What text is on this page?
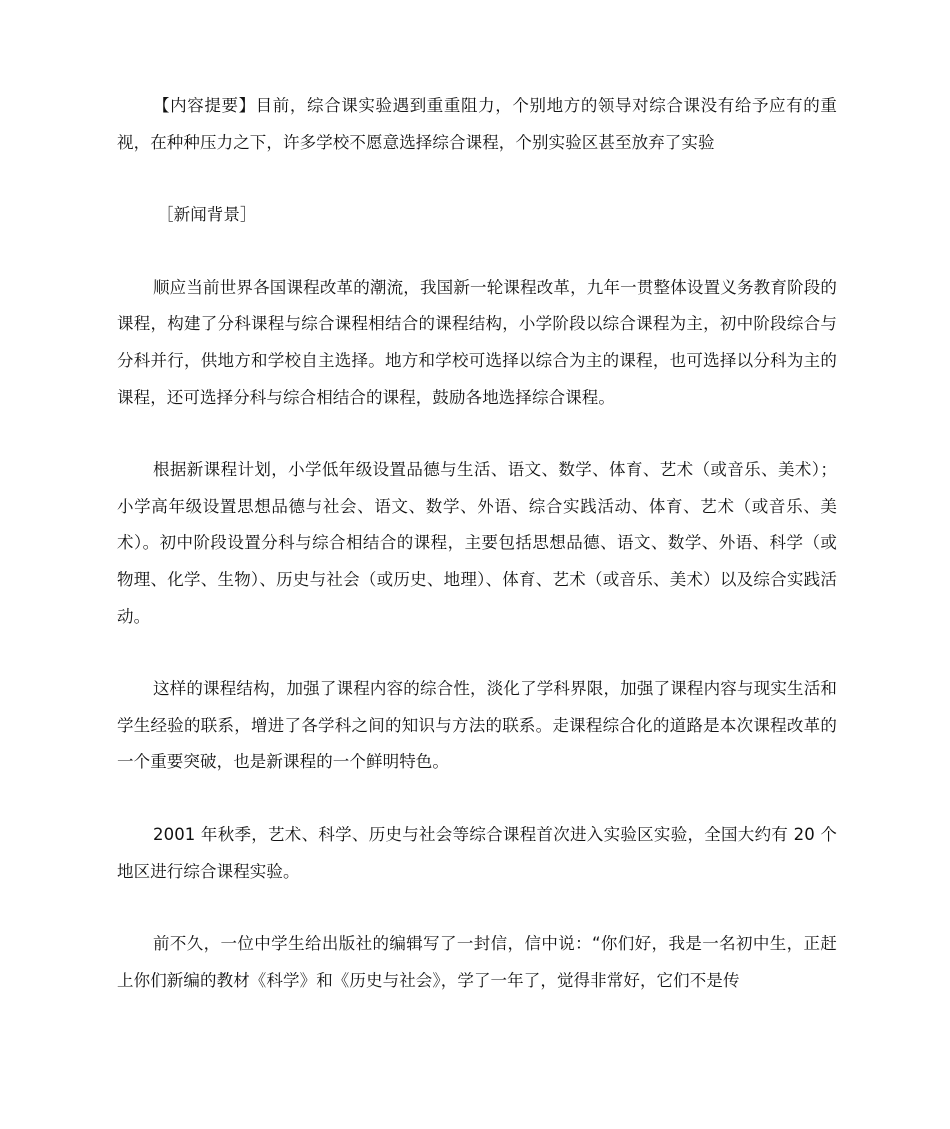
【内容提要】目前，综合课实验遇到重重阻力，个别地方的领导对综合课没有给予应有的重视，在种种压力之下，许多学校不愿意选择综合课程，个别实验区甚至放弃了实验

［新闻背景］

顺应当前世界各国课程改革的潮流，我国新一轮课程改革，九年一贯整体设置义务教育阶段的课程，构建了分科课程与综合课程相结合的课程结构，小学阶段以综合课程为主，初中阶段综合与分科并行，供地方和学校自主选择。地方和学校可选择以综合为主的课程，也可选择以分科为主的课程，还可选择分科与综合相结合的课程，鼓励各地选择综合课程。

根据新课程计划，小学低年级设置品德与生活、语文、数学、体育、艺术（或音乐、美术）；小学高年级设置思想品德与社会、语文、数学、外语、综合实践活动、体育、艺术（或音乐、美术）。初中阶段设置分科与综合相结合的课程，主要包括思想品德、语文、数学、外语、科学（或物理、化学、生物）、历史与社会（或历史、地理）、体育、艺术（或音乐、美术）以及综合实践活动。

这样的课程结构，加强了课程内容的综合性，淡化了学科界限，加强了课程内容与现实生活和学生经验的联系，增进了各学科之间的知识与方法的联系。走课程综合化的道路是本次课程改革的一个重要突破，也是新课程的一个鲜明特色。

2001 年秋季，艺术、科学、历史与社会等综合课程首次进入实验区实验，全国大约有 20 个地区进行综合课程实验。

前不久，一位中学生给出版社的编辑写了一封信，信中说：“你们好，我是一名初中生，正赶上你们新编的教材《科学》和《历史与社会》，学了一年了，觉得非常好，它们不是传
